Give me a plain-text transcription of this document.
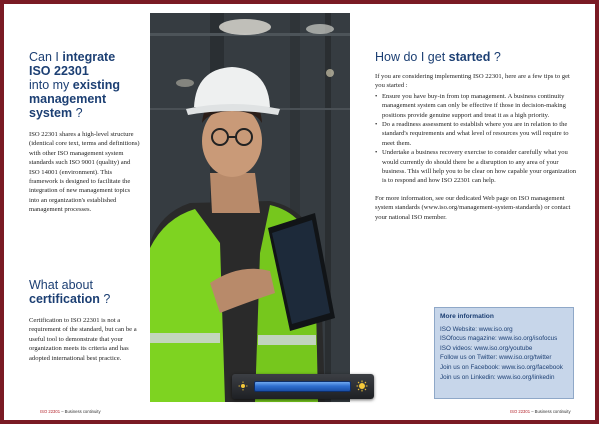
Can I integrate
ISO 22301
into my existing
management
system ?
ISO 22301 shares a high-level structure (identical core text, terms and definitions) with other ISO management system standards such ISO 9001 (quality) and ISO 14001 (environment). This framework is designed to facilitate the integration of new management topics into an organization's established management processes.
What about
certification ?
Certification to ISO 22301 is not a requirement of the standard, but can be a useful tool to demonstrate that your organization meets its criteria and has adopted international best practice.
How do I get started ?
If you are considering implementing ISO 22301, here are a few tips to get you started :
• Ensure you have buy-in from top management. A business continuity management system can only be effective if those in decision-making positions provide genuine support and treat it as a high priority.
• Do a readiness assessment to establish where you are in relation to the standard's requirements and what level of resources you will require to meet them.
• Undertake a business recovery exercise to consider carefully what you would currently do should there be a disruption to any area of your business. This will help you to be clear on how capable your organization is to respond and how ISO 22301 can help.
For more information, see our dedicated Web page on ISO management system standards (www.iso.org/management-system-standards) or contact your national ISO member.
More information
ISO Website: www.iso.org
ISOfocus magazine: www.iso.org/isofocus
ISO videos: www.iso.org/youtube
Follow us on Twitter: www.iso.org/twitter
Join us on Facebook: www.iso.org/facebook
Join us on Linkedin: www.iso.org/linkedin
ISO 22301 – Business continuity	ISO 22301 – Business continuity
